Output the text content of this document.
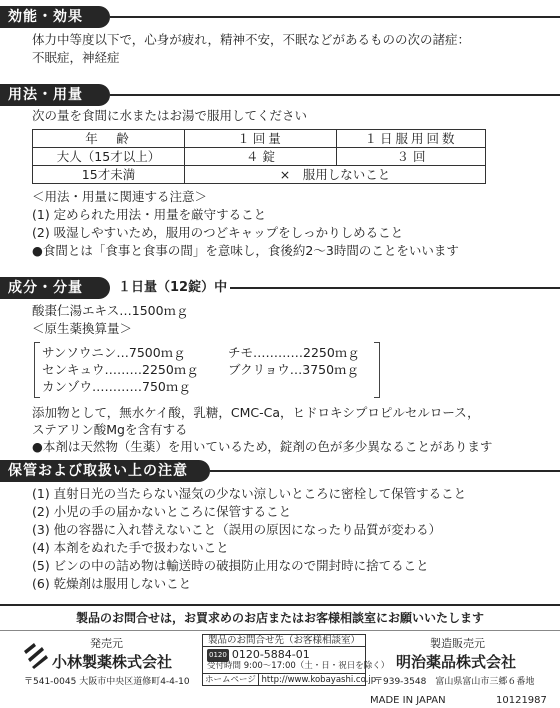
効能・効果
体力中等度以下で，心身が疲れ，精神不安，不眠などがあるものの次の諸症：
不眠症，神経症
用法・用量
次の量を食間に水またはお湯で服用してください
年　齢	１回量	１日服用回数
大人（15才以上）	４ 錠	３ 回
15才未満	×　服用しないこと	
＜用法・用量に関連する注意＞
(1) 定められた用法・用量を厳守すること
(2) 吸湿しやすいため，服用のつどキャップをしっかりしめること
●食間とは「食事と食事の間」を意味し，食後約2～3時間のことをいいます
成分・分量	１日量（12錠）中
酸棗仁湯エキス…1500ｍｇ
＜原生薬換算量＞
サンソウニン…7500ｍｇ	チモ…………2250ｍｇ
センキュウ………2250ｍｇ ブクリョウ…3750ｍｇ
カンゾウ…………750ｍｇ
添加物として，無水ケイ酸，乳糖，CMC-Ca，ヒドロキシプロピルセルロース，
ステアリン酸Mgを含有する
●本剤は天然物（生薬）を用いているため，錠剤の色が多少異なることがあります
保管および取扱い上の注意
(1) 直射日光の当たらない湿気の少ない涼しいところに密栓して保管すること
(2) 小児の手の届かないところに保管すること
(3) 他の容器に入れ替えないこと（誤用の原因になったり品質が変わる）
(4) 本剤をぬれた手で扱わないこと
(5) ビンの中の詰め物は輸送時の破損防止用なので開封時に捨てること
(6) 乾燥剤は服用しないこと
製品のお問合せは，お買求めのお店またはお客様相談室にお願いいたします
発売元
小林製薬株式会社
〒541-0045 大阪市中央区道修町4-4-10
製品のお問合せ先（お客様相談室）
0120 0120-5884-01
受付時間 9:00～17:00（土・日・祝日を除く）
ホームページ http://www.kobayashi.co.jp
製造販売元
明治薬品株式会社
〒939-3548　富山県富山市三郷６番地
MADE IN JAPAN	10121987
